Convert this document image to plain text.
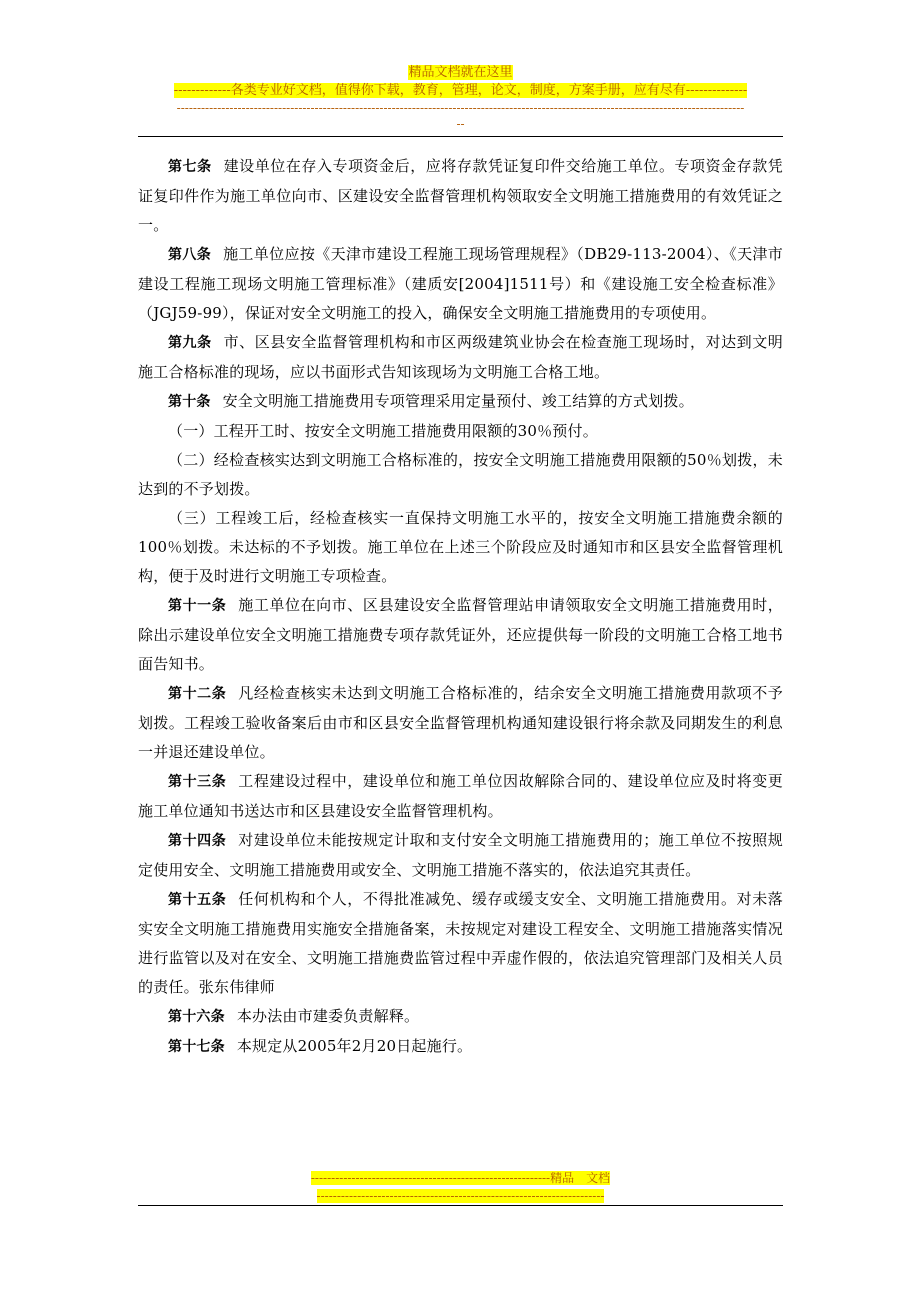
精品文档就在这里
-------------各类专业好文档，值得你下载，教育，管理，论文，制度，方案手册，应有尽有--------------
--------------------------------------------------------------------------------------------------------------------------------------------
--

第七条 建设单位在存入专项资金后，应将存款凭证复印件交给施工单位。专项资金存款凭证复印件作为施工单位向市、区建设安全监督管理机构领取安全文明施工措施费用的有效凭证之一。

第八条 施工单位应按《天津市建设工程施工现场管理规程》（DB29-113-2004）、《天津市建设工程施工现场文明施工管理标准》（建质安[2004]1511号）和《建设施工安全检查标准》（JGJ59-99），保证对安全文明施工的投入，确保安全文明施工措施费用的专项使用。

第九条 市、区县安全监督管理机构和市区两级建筑业协会在检查施工现场时，对达到文明施工合格标准的现场，应以书面形式告知该现场为文明施工合格工地。

第十条 安全文明施工措施费用专项管理采用定量预付、竣工结算的方式划拨。

（一）工程开工时、按安全文明施工措施费用限额的30％预付。

（二）经检查核实达到文明施工合格标准的，按安全文明施工措施费用限额的50％划拨，未达到的不予划拨。

（三）工程竣工后，经检查核实一直保持文明施工水平的，按安全文明施工措施费余额的100％划拨。未达标的不予划拨。施工单位在上述三个阶段应及时通知市和区县安全监督管理机构，便于及时进行文明施工专项检查。

第十一条 施工单位在向市、区县建设安全监督管理站申请领取安全文明施工措施费用时，除出示建设单位安全文明施工措施费专项存款凭证外，还应提供每一阶段的文明施工合格工地书面告知书。

第十二条 凡经检查核实未达到文明施工合格标准的，结余安全文明施工措施费用款项不予划拨。工程竣工验收备案后由市和区县安全监督管理机构通知建设银行将余款及同期发生的利息一并退还建设单位。

第十三条 工程建设过程中，建设单位和施工单位因故解除合同的、建设单位应及时将变更施工单位通知书送达市和区县建设安全监督管理机构。

第十四条 对建设单位未能按规定计取和支付安全文明施工措施费用的；施工单位不按照规定使用安全、文明施工措施费用或安全、文明施工措施不落实的，依法追究其责任。

第十五条 任何机构和个人，不得批准减免、缓存或缓支安全、文明施工措施费用。对未落实安全文明施工措施费用实施安全措施备案，未按规定对建设工程安全、文明施工措施落实情况进行监管以及对在安全、文明施工措施费监管过程中弄虚作假的，依法追究管理部门及相关人员的责任。张东伟律师

第十六条 本办法由市建委负责解释。

第十七条 本规定从2005年2月20日起施行。

-----------------------------------------------------------精品　文档
-----------------------------------------------------------------------
